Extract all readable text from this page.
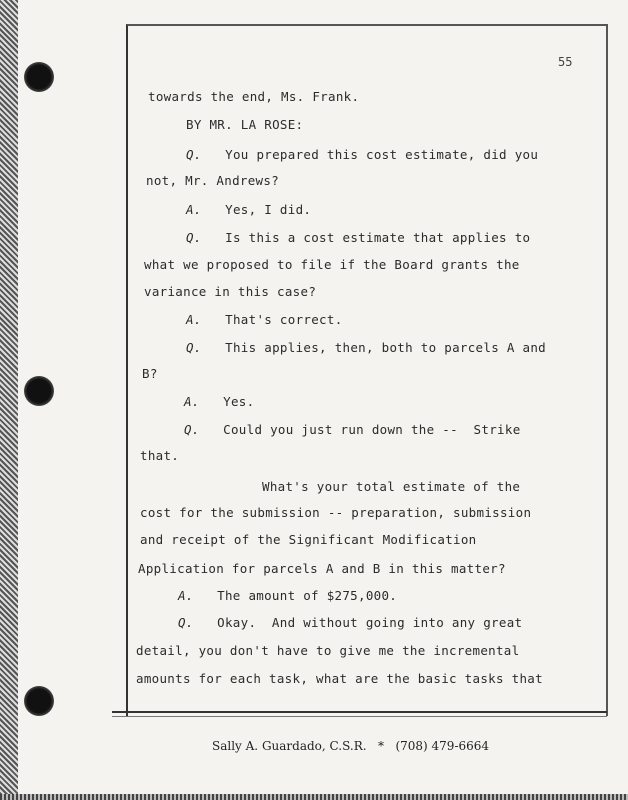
55
towards the end, Ms. Frank.
BY MR. LA ROSE:
Q. You prepared this cost estimate, did you
not, Mr. Andrews?
A. Yes, I did.
Q. Is this a cost estimate that applies to
what we proposed to file if the Board grants the
variance in this case?
A. That's correct.
Q. This applies, then, both to parcels A and
B?
A. Yes.
Q. Could you just run down the --  Strike
that.
What's your total estimate of the
cost for the submission -- preparation, submission
and receipt of the Significant Modification
Application for parcels A and B in this matter?
A. The amount of $275,000.
Q. Okay.  And without going into any great
detail, you don't have to give me the incremental
amounts for each task, what are the basic tasks that
Sally A. Guardado, C.S.R. * (708) 479-6664
